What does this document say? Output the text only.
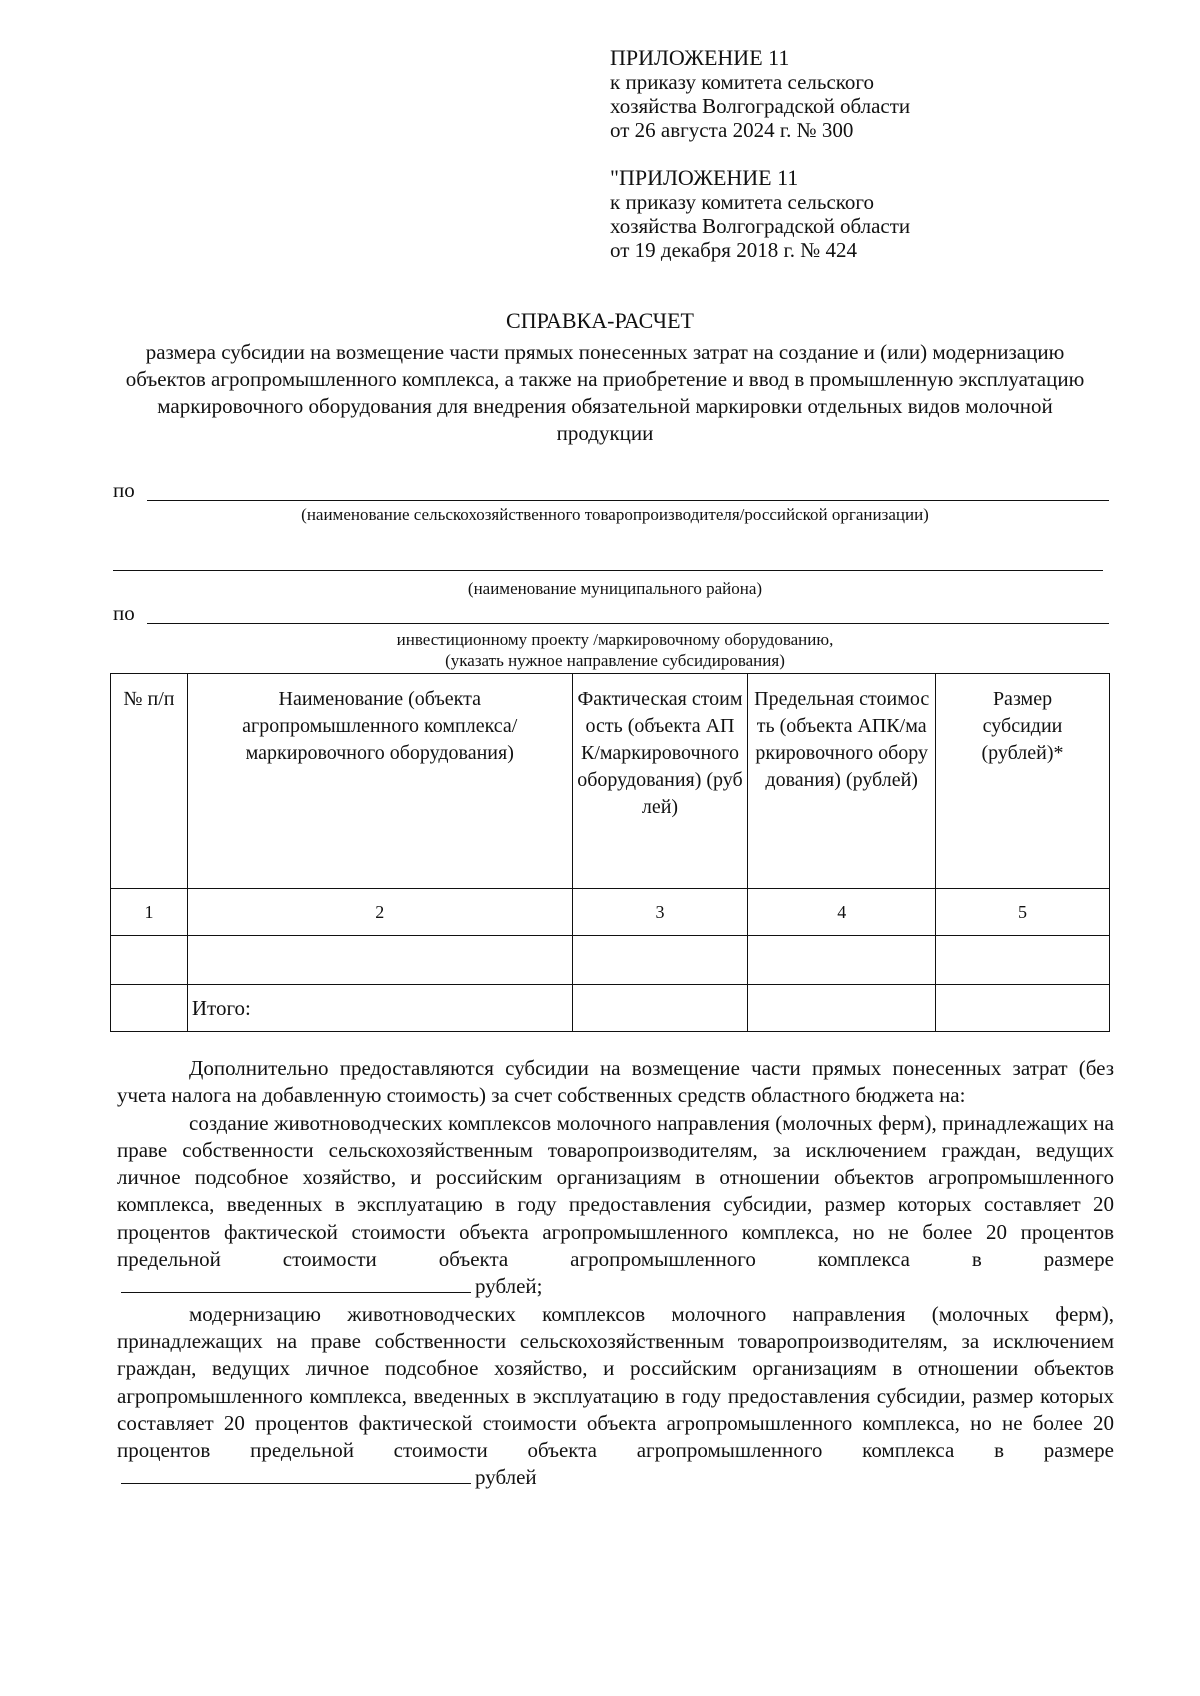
ПРИЛОЖЕНИЕ 11

к приказу комитета сельского

хозяйства Волгоградской области

от 26 августа 2024 г. № 300

"ПРИЛОЖЕНИЕ 11

к приказу комитета сельского

хозяйства Волгоградской области

от 19 декабря 2018 г. № 424

СПРАВКА-РАСЧЕТ
размера субсидии на возмещение части прямых понесенных затрат на создание и (или) модернизацию объектов агропромышленного комплекса, а также на приобретение и ввод в промышленную эксплуатацию маркировочного оборудования для внедрения обязательной маркировки отдельных видов молочной продукции
по
(наименование сельскохозяйственного товаропроизводителя/российской организации)
(наименование муниципального района)
по
инвестиционному проекту /маркировочному оборудованию,
(указать нужное направление субсидирования)
№ п/п	Наименование (объекта агропромышленного комплекса/маркировочного оборудования)	Фактическая стоимость (объекта АПК/маркировочного оборудования) (рублей)	Предельная стоимость (объекта АПК/маркировочного оборудования) (рублей)	Размер субсидии (рублей)*
1	2	3	4	5

	Итого:			

Дополнительно предоставляются субсидии на возмещение части прямых понесенных затрат (без учета налога на добавленную стоимость) за счет собственных средств областного бюджета на:

создание животноводческих комплексов молочного направления (молочных ферм), принадлежащих на праве собственности сельскохозяйственным товаропроизводителям, за исключением граждан, ведущих личное подсобное хозяйство, и российским организациям в отношении объектов агропромышленного комплекса, введенных в эксплуатацию в году предоставления субсидии, размер которых составляет 20 процентов фактической стоимости объекта агропромышленного комплекса, но не более 20 процентов предельной стоимости объекта агропромышленного комплекса в размерерублей;

модернизацию животноводческих комплексов молочного направления (молочных ферм), принадлежащих на праве собственности сельскохозяйственным товаропроизводителям, за исключением граждан, ведущих личное подсобное хозяйство, и российским организациям в отношении объектов агропромышленного комплекса, введенных в эксплуатацию в году предоставления субсидии, размер которых составляет 20 процентов фактической стоимости объекта агропромышленного комплекса, но не более 20 процентов предельной стоимости объекта агропромышленного комплекса в размерерублей
